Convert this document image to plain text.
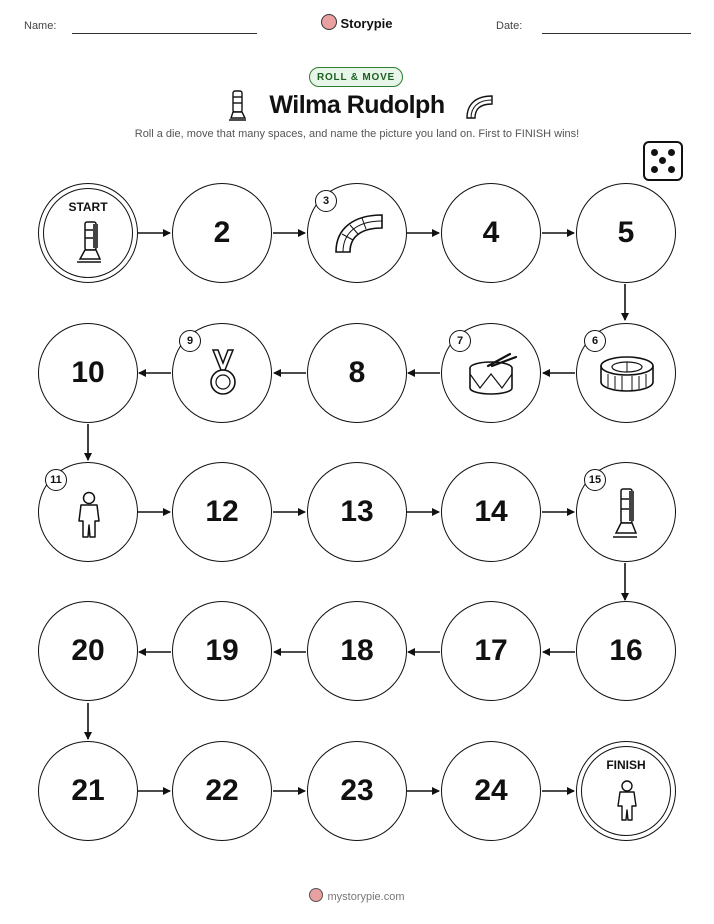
Name:	Storypie	Date:
ROLL & MOVE
Wilma Rudolph
Roll a die, move that many spaces, and name the picture you land on. First to FINISH wins!
START
2
3
4	5
10
9
8
7	6
11
12	13	14
15
20	19	18	17	16
21	22	23	24
FINISH
mystorypie.com
